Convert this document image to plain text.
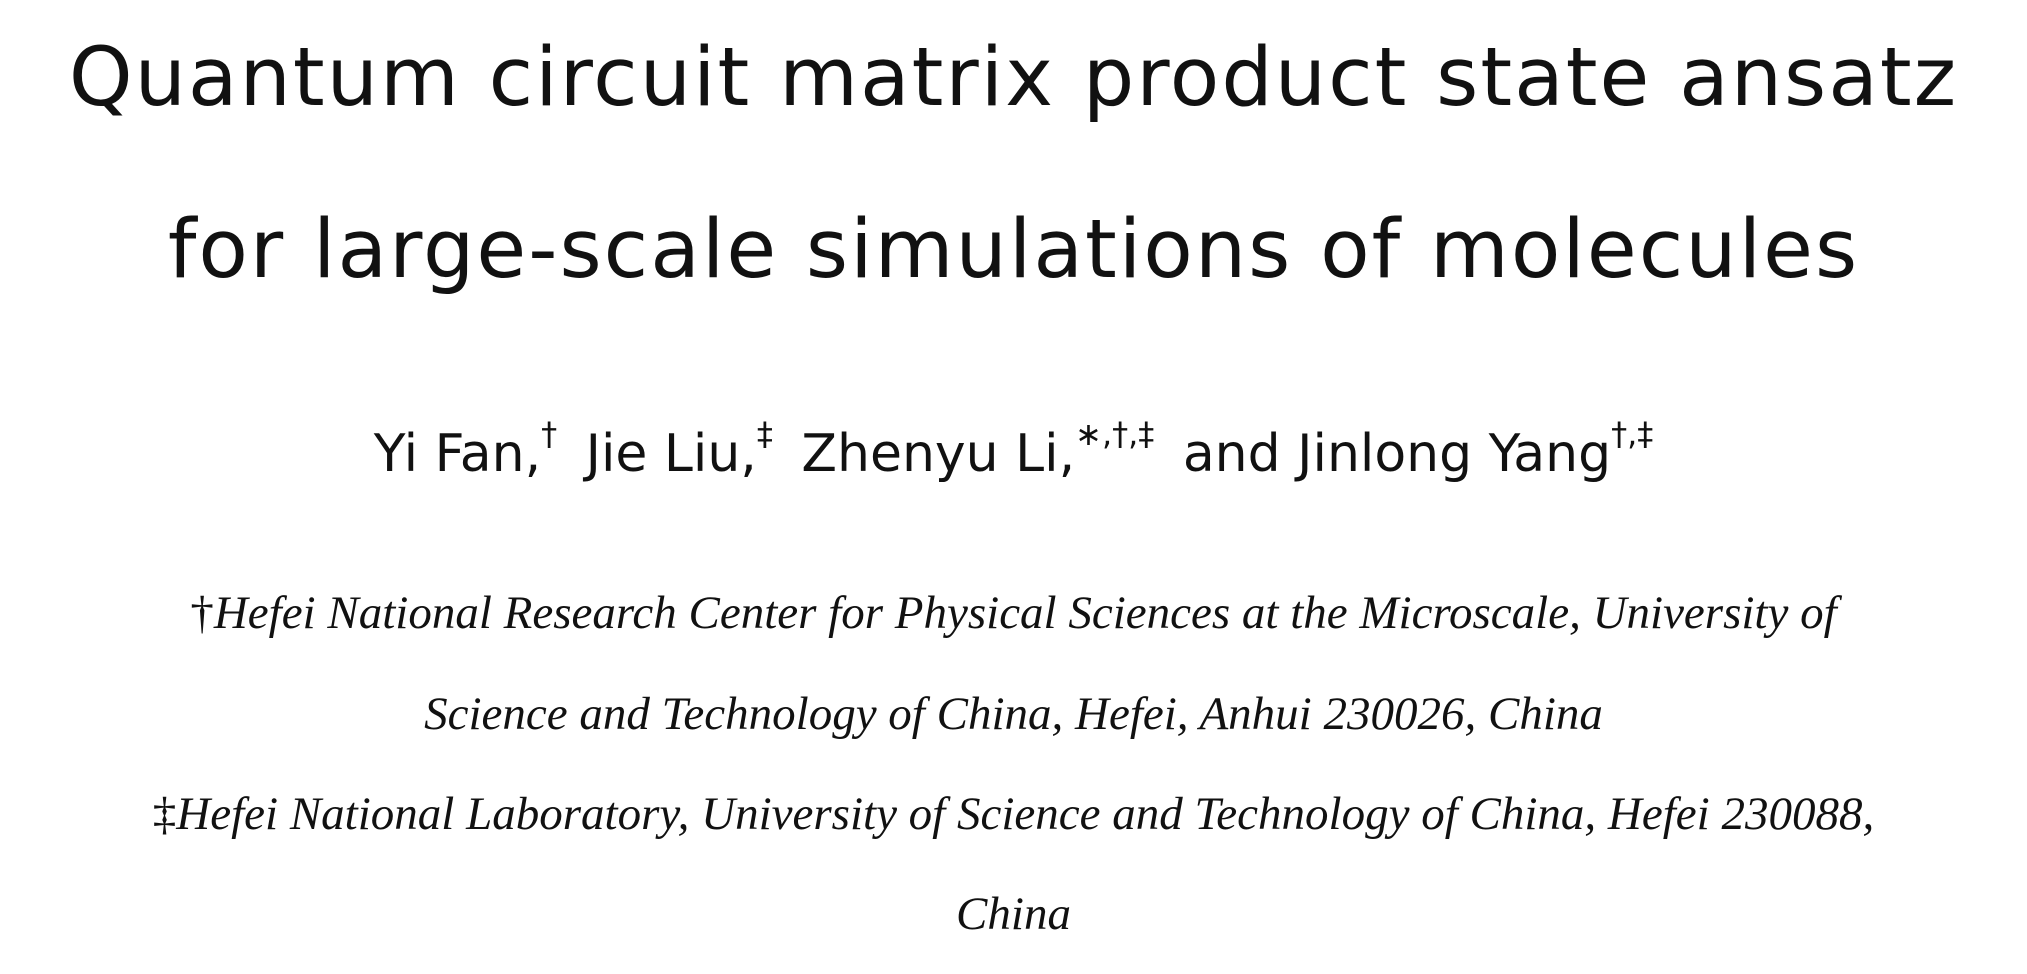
Quantum circuit matrix product state ansatz
for large-scale simulations of molecules
Yi Fan,† Jie Liu,‡ Zhenyu Li,∗,†,‡ and Jinlong Yang†,‡
†Hefei National Research Center for Physical Sciences at the Microscale, University of
Science and Technology of China, Hefei, Anhui 230026, China
‡Hefei National Laboratory, University of Science and Technology of China, Hefei 230088,
China
